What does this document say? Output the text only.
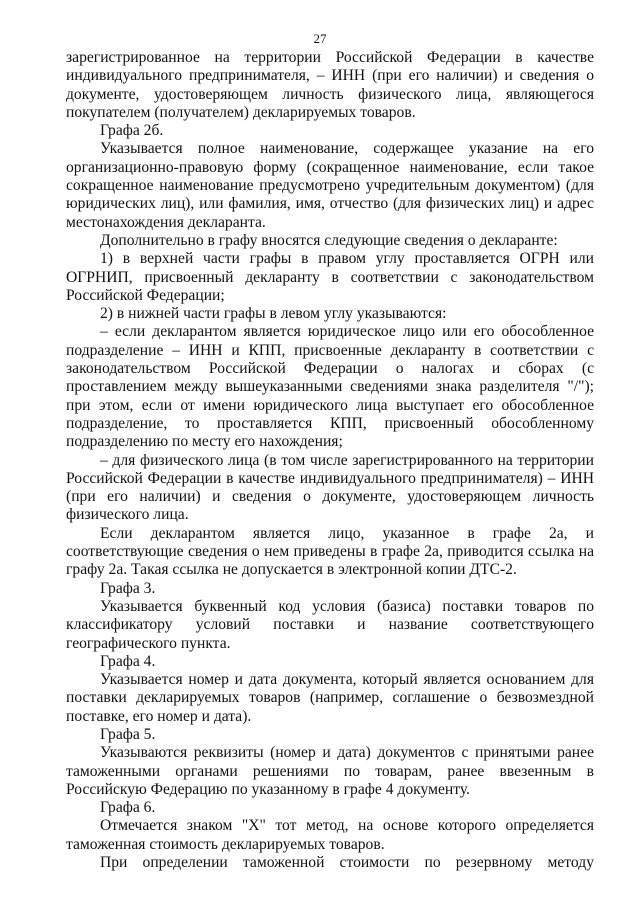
27

зарегистрированное на территории Российской Федерации в качестве индивидуального предпринимателя, – ИНН (при его наличии) и сведения о документе, удостоверяющем личность физического лица, являющегося покупателем (получателем) декларируемых товаров.

Графа 2б.

Указывается полное наименование, содержащее указание на его организационно-правовую форму (сокращенное наименование, если такое сокращенное наименование предусмотрено учредительным документом) (для юридических лиц), или фамилия, имя, отчество (для физических лиц) и адрес местонахождения декларанта.

Дополнительно в графу вносятся следующие сведения о декларанте:

1) в верхней части графы в правом углу проставляется ОГРН или ОГРНИП, присвоенный декларанту в соответствии с законодательством Российской Федерации;

2) в нижней части графы в левом углу указываются:

– если декларантом является юридическое лицо или его обособленное подразделение – ИНН и КПП, присвоенные декларанту в соответствии с законодательством Российской Федерации о налогах и сборах (с проставлением между вышеуказанными сведениями знака разделителя "/"); при этом, если от имени юридического лица выступает его обособленное подразделение, то проставляется КПП, присвоенный обособленному подразделению по месту его нахождения;

– для физического лица (в том числе зарегистрированного на территории Российской Федерации в качестве индивидуального предпринимателя) – ИНН (при его наличии) и сведения о документе, удостоверяющем личность физического лица.

Если декларантом является лицо, указанное в графе 2а, и соответствующие сведения о нем приведены в графе 2а, приводится ссылка на графу 2а. Такая ссылка не допускается в электронной копии ДТС-2.

Графа 3.

Указывается буквенный код условия (базиса) поставки товаров по классификатору условий поставки и название соответствующего географического пункта.

Графа 4.

Указывается номер и дата документа, который является основанием для поставки декларируемых товаров (например, соглашение о безвозмездной поставке, его номер и дата).

Графа 5.

Указываются реквизиты (номер и дата) документов с принятыми ранее таможенными органами решениями по товарам, ранее ввезенным в Российскую Федерацию по указанному в графе 4 документу.

Графа 6.

Отмечается знаком "X" тот метод, на основе которого определяется таможенная стоимость декларируемых товаров.

При определении таможенной стоимости по резервному методу
